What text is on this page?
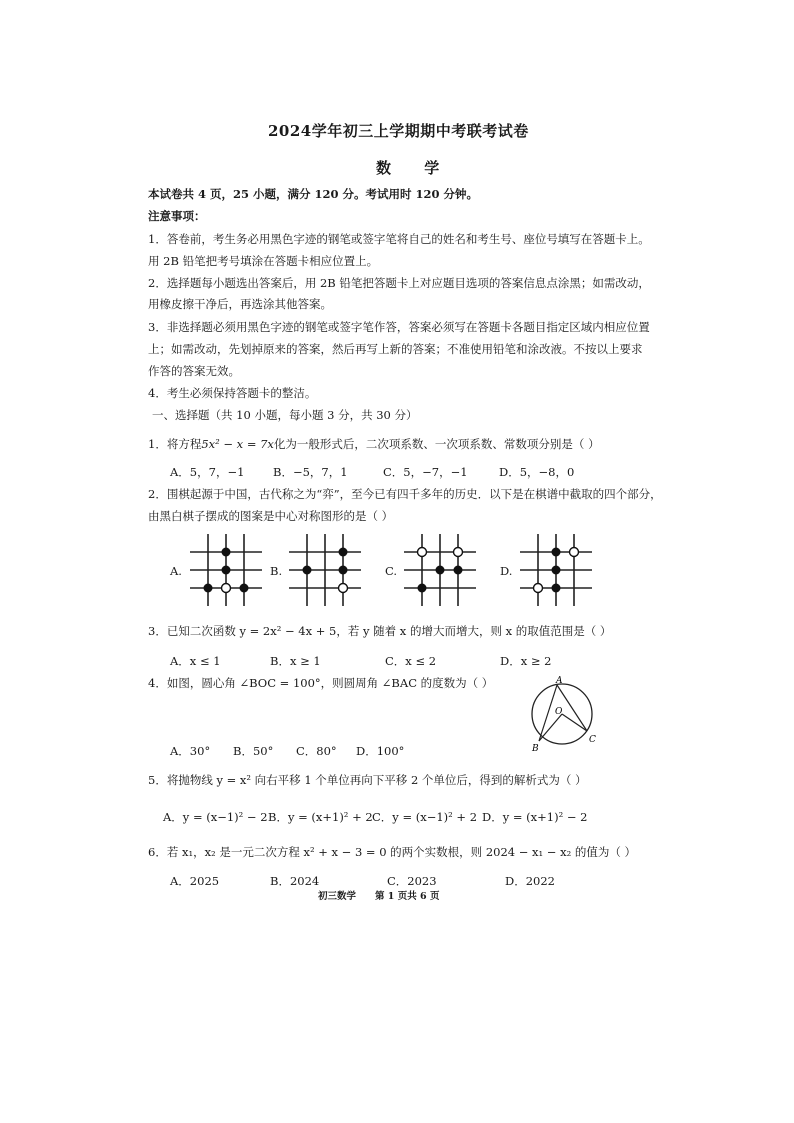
2024学年初三上学期期中考联考试卷
数 学
本试卷共 4 页，25 小题，满分 120 分。考试用时 120 分钟。
注意事项：
1．答卷前，考生务必用黑色字迹的钢笔或签字笔将自己的姓名和考生号、座位号填写在答题卡上。
用 2B 铅笔把考号填涂在答题卡相应位置上。
2．选择题每小题选出答案后，用 2B 铅笔把答题卡上对应题目选项的答案信息点涂黑；如需改动，
用橡皮擦干净后，再选涂其他答案。
3．非选择题必须用黑色字迹的钢笔或签字笔作答，答案必须写在答题卡各题目指定区域内相应位置
上；如需改动，先划掉原来的答案，然后再写上新的答案；不准使用铅笔和涂改液。不按以上要求
作答的答案无效。
4．考生必须保持答题卡的整洁。
一、选择题（共 10 小题，每小题 3 分，共 30 分）
1．将方程5x² − x = 7x化为一般形式后，二次项系数、一次项系数、常数项分别是（ ）
A．5，7，−1 B．−5，7，1	C．5，−7，−1	D．5，−8，0
2．围棋起源于中国，古代称之为“弈”，至今已有四千多年的历史．以下是在棋谱中截取的四个部分，
由黑白棋子摆成的图案是中心对称图形的是（ ）
A.	B.	C.	D.
3．已知二次函数 y = 2x² − 4x + 5，若 y 随着 x 的增大而增大，则 x 的取值范围是（ ）
A．x ≤ 1	B．x ≥ 1	C．x ≤ 2	D．x ≥ 2
4．如图，圆心角 ∠BOC = 100°，则圆周角 ∠BAC 的度数为（ ）
A．30° B．50° C．80° D．100°
A
O
B
C
5．将抛物线 y = x² 向右平移 1 个单位再向下平移 2 个单位后，得到的解析式为（ ）
A．y = (x−1)² − 2 B．y = (x+1)² + 2 C．y = (x−1)² + 2 D．y = (x+1)² − 2
6．若 x₁，x₂ 是一元二次方程 x² + x − 3 = 0 的两个实数根，则 2024 − x₁ − x₂ 的值为（ ）
A．2025	B．2024	C．2023	D．2022
初三数学 第 1 页共 6 页
